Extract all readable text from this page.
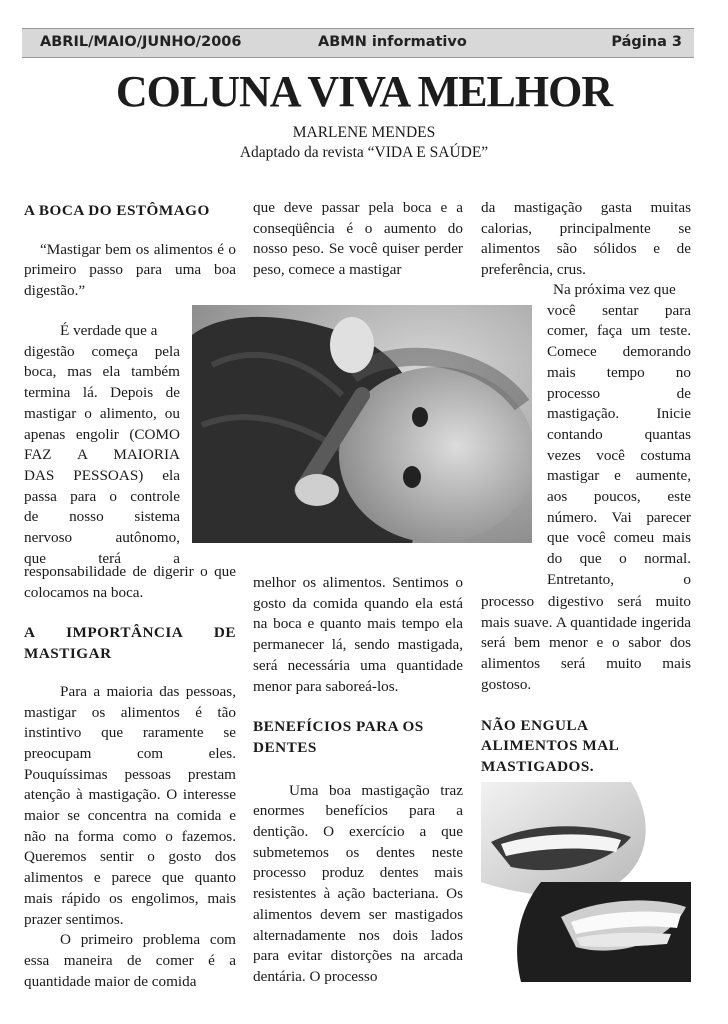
ABRIL/MAIO/JUNHO/2006	ABMN informativo	Página 3
COLUNA VIVA MELHOR
MARLENE MENDES
Adaptado da revista “VIDA E SAÚDE”

A BOCA DO ESTÔMAGO

“Mastigar bem os alimentos é o primeiro passo para uma boa digestão.”

É verdade que a
digestão começa pela
boca, mas ela também
termina lá. Depois de
mastigar o alimento, ou
apenas engolir (COMO
FAZ A MAIORIA
DAS PESSOAS) ela
passa para o controle
de nosso sistema
nervoso autônomo,
que terá a

responsabilidade de digerir o que colocamos na boca.

A IMPORTÂNCIA DE MASTIGAR

Para a maioria das pessoas, mastigar os alimentos é tão instintivo que raramente se preocupam com eles. Pouquíssimas pessoas prestam atenção à mastigação. O interesse maior se concentra na comida e não na forma como o fazemos. Queremos sentir o gosto dos alimentos e parece que quanto mais rápido os engolimos, mais prazer sentimos.

O primeiro problema com essa maneira de comer é a quantidade maior de comida

que deve passar pela boca e a conseqüência é o aumento do nosso peso. Se você quiser perder peso, comece a mastigar

melhor os alimentos. Sentimos o gosto da comida quando ela está na boca e quanto mais tempo ela permanecer lá, sendo mastigada, será necessária uma quantidade menor para saboreá-los.

BENEFÍCIOS PARA OS DENTES

Uma boa mastigação traz enormes benefícios para a dentição. O exercício a que submetemos os dentes neste processo produz dentes mais resistentes à ação bacteriana. Os alimentos devem ser mastigados alternadamente nos dois lados para evitar distorções na arcada dentária. O processo

da mastigação gasta muitas calorias, principalmente se alimentos são sólidos e de preferência, crus.

Na próxima vez que
você sentar para
comer, faça um teste.
Comece demorando
mais tempo no
processo de
mastigação. Inicie
contando quantas
vezes você costuma
mastigar e aumente,
aos poucos, este
número. Vai parecer
que você comeu mais
do que o normal.
Entretanto, o

processo digestivo será muito mais suave. A quantidade ingerida será bem menor e o sabor dos alimentos será muito mais gostoso.

NÃO ENGULA ALIMENTOS MAL MASTIGADOS.
